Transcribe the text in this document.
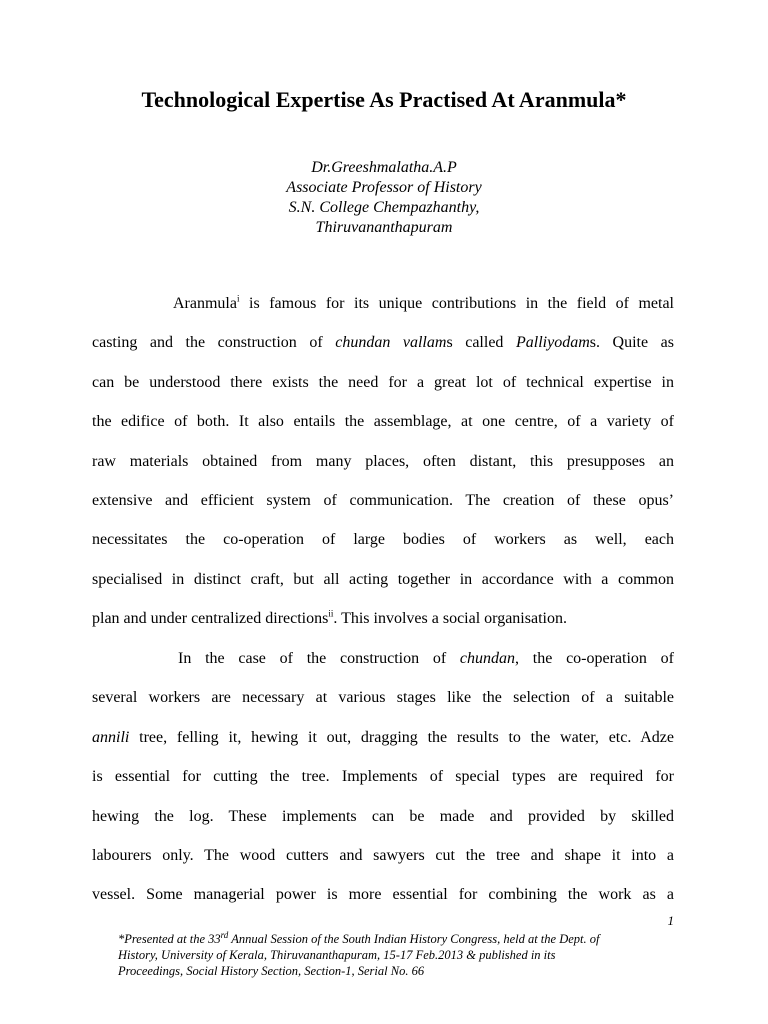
Technological Expertise As Practised At Aranmula*
Dr.Greeshmalatha.A.P
Associate Professor of History
S.N. College Chempazhanthy,
Thiruvananthapuram
Aranmula$^i$ is famous for its unique contributions in the field of metal
casting and the construction of chundan vallams called Palliyodams. Quite as
can be understood there exists the need for a great lot of technical expertise in
the edifice of both. It also entails the assemblage, at one centre, of a variety of
raw materials obtained from many places, often distant, this presupposes an
extensive and efficient system of communication. The creation of these opus’
necessitates the co-operation of large bodies of workers as well, each
specialised in distinct craft, but all acting together in accordance with a common
plan and under centralized directions$^{ii}$. This involves a social organisation.
In the case of the construction of chundan, the co-operation of
several workers are necessary at various stages like the selection of a suitable
annili tree, felling it, hewing it out, dragging the results to the water, etc. Adze
is essential for cutting the tree. Implements of special types are required for
hewing the log. These implements can be made and provided by skilled
labourers only. The wood cutters and sawyers cut the tree and shape it into a
vessel. Some managerial power is more essential for combining the work as a
1
*Presented at the 33rd Annual Session of the South Indian History Congress, held at the Dept. of
History, University of Kerala, Thiruvananthapuram, 15-17 Feb.2013 & published in its
Proceedings, Social History Section, Section-1, Serial No. 66
